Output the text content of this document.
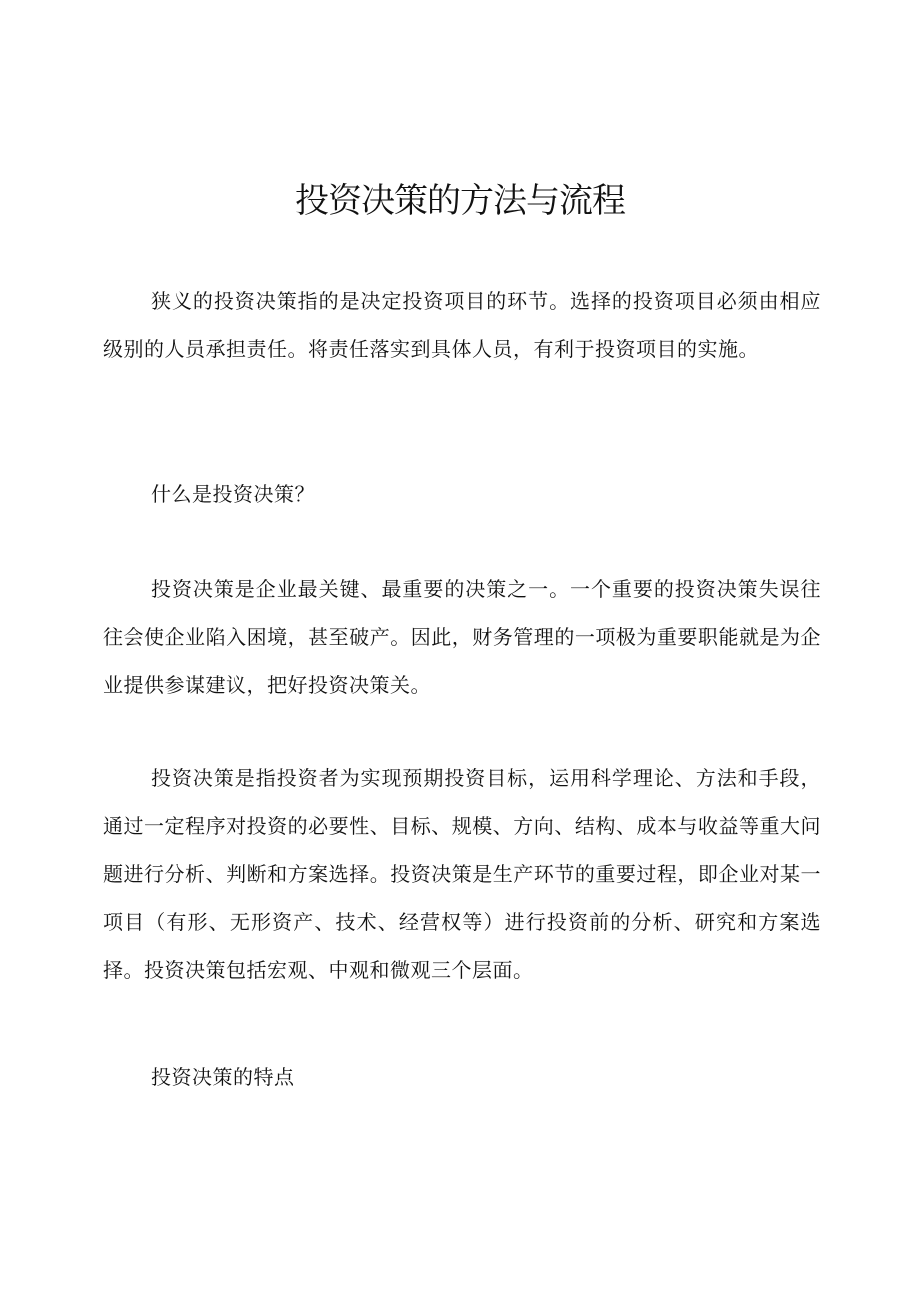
投资决策的方法与流程

狭义的投资决策指的是决定投资项目的环节。选择的投资项目必须由相应级别的人员承担责任。将责任落实到具体人员，有利于投资项目的实施。

什么是投资决策？

投资决策是企业最关键、最重要的决策之一。一个重要的投资决策失误往往会使企业陷入困境，甚至破产。因此，财务管理的一项极为重要职能就是为企业提供参谋建议，把好投资决策关。

投资决策是指投资者为实现预期投资目标，运用科学理论、方法和手段，通过一定程序对投资的必要性、目标、规模、方向、结构、成本与收益等重大问题进行分析、判断和方案选择。投资决策是生产环节的重要过程，即企业对某一项目（有形、无形资产、技术、经营权等）进行投资前的分析、研究和方案选择。投资决策包括宏观、中观和微观三个层面。

投资决策的特点
